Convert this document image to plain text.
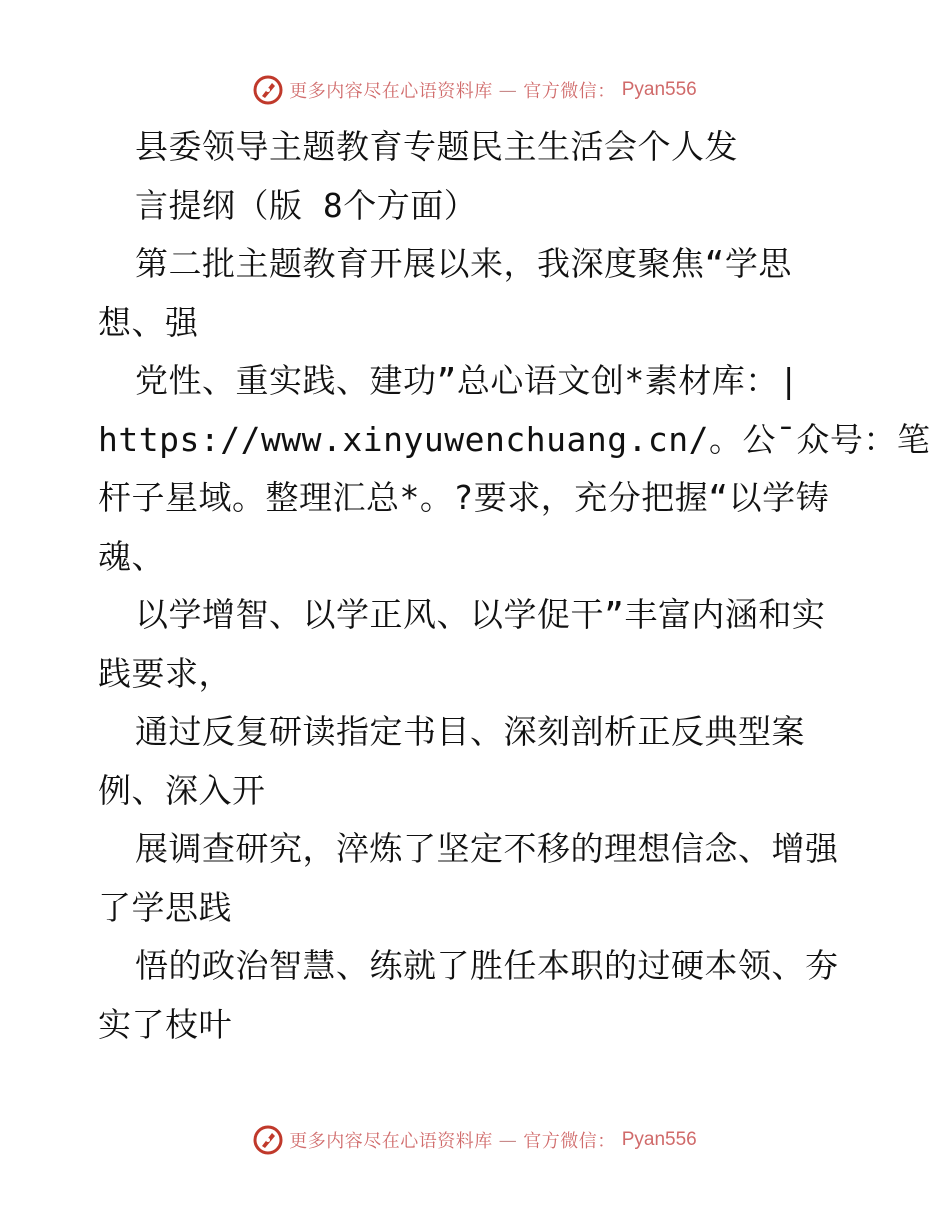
更多内容尽在心语资料库 — 官方微信： Pyan556
县委领导主题教育专题民主生活会个人发
言提纲（版 8个方面）
第二批主题教育开展以来，我深度聚焦“学思
想、强
党性、重实践、建功”总心语文创*素材库：|
https://www.xinyuwenchuang.cn/。公¯众号：笔
杆子星域。整理汇总*。?要求，充分把握“以学铸
魂、
以学增智、以学正风、以学促干”丰富内涵和实
践要求，
通过反复研读指定书目、深刻剖析正反典型案
例、深入开
展调查研究，淬炼了坚定不移的理想信念、增强
了学思践
悟的政治智慧、练就了胜任本职的过硬本领、夯
实了枝叶
更多内容尽在心语资料库 — 官方微信： Pyan556
